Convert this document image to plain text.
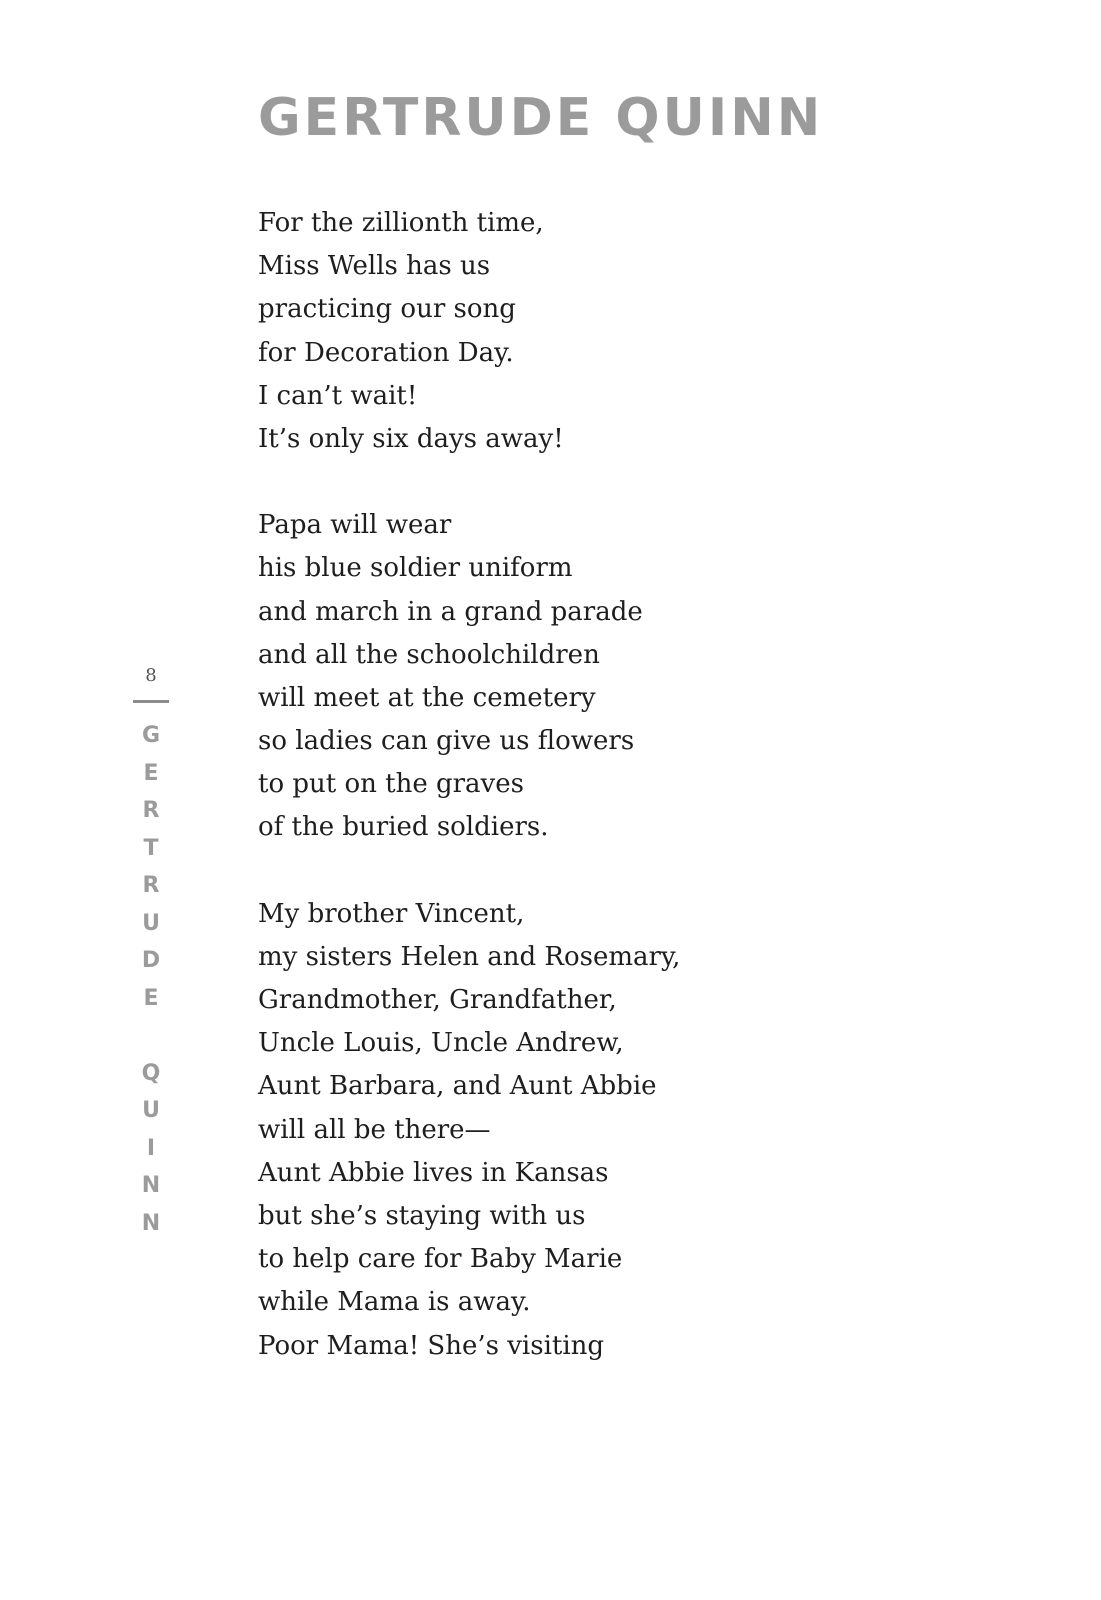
GERTRUDE QUINN
For the zillionth time,
Miss Wells has us
practicing our song
for Decoration Day.
I can’t wait!
It’s only six days away!
Papa will wear
his blue soldier uniform
and march in a grand parade
and all the schoolchildren
will meet at the cemetery
so ladies can give us flowers
to put on the graves
of the buried soldiers.
My brother Vincent,
my sisters Helen and Rosemary,
Grandmother, Grandfather,
Uncle Louis, Uncle Andrew,
Aunt Barbara, and Aunt Abbie
will all be there—
Aunt Abbie lives in Kansas
but she’s staying with us
to help care for Baby Marie
while Mama is away.
Poor Mama! She’s visiting
8
G
E
R
T
R
U
D
E
Q
U
I
N
N
